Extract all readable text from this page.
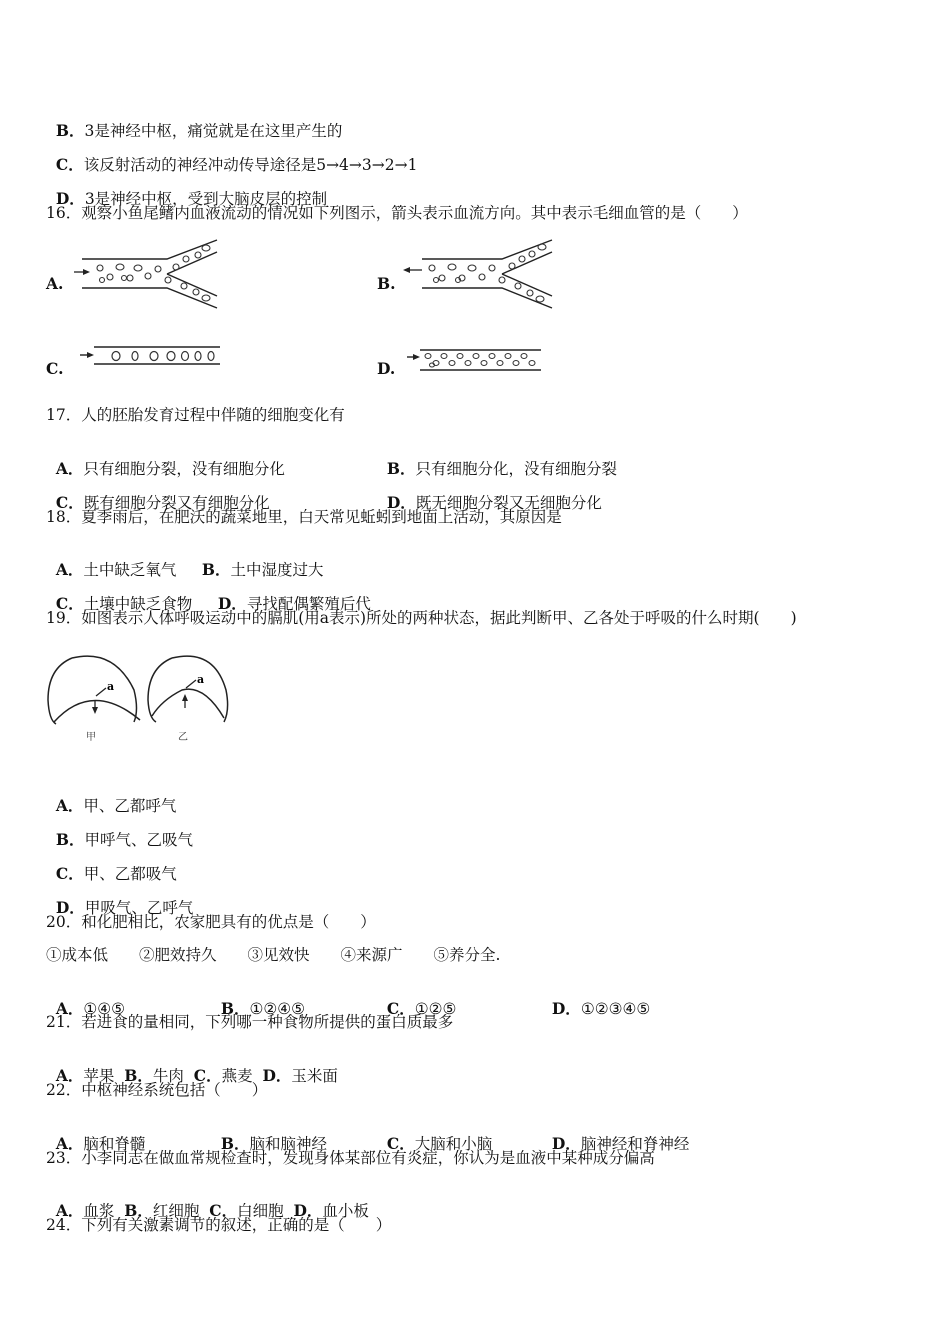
B．3是神经中枢，痛觉就是在这里产生的

C．该反射活动的神经冲动传导途径是5→4→3→2→1

D．3是神经中枢，受到大脑皮层的控制

16．观察小鱼尾鳍内血液流动的情况如下列图示，箭头表示血流方向。其中表示毛细血管的是（　　）
A.	B.
C.	D.
17．人的胚胎发育过程中伴随的细胞变化有

A．只有细胞分裂，没有细胞分化	B．只有细胞分化，没有细胞分裂

C．既有细胞分裂又有细胞分化	D．既无细胞分裂又无细胞分化

18．夏季雨后，在肥沃的蔬菜地里，白天常见蚯蚓到地面上活动，其原因是

A．土中缺乏氧气	B．土中湿度过大

C．土壤中缺乏食物	D．寻找配偶繁殖后代

19．如图表示人体呼吸运动中的膈肌(用a表示)所处的两种状态，据此判断甲、乙各处于呼吸的什么时期(　　)
a
a
甲	乙

A．甲、乙都呼气

B．甲呼气、乙吸气

C．甲、乙都吸气

D．甲吸气、乙呼气

20．和化肥相比，农家肥具有的优点是（　　）
①成本低　　②肥效持久　　③见效快　　④来源广　　⑤养分全.

A．①④⑤	B．①②④⑤	C．①②⑤	D．①②③④⑤

21．若进食的量相同，下列哪一种食物所提供的蛋白质最多

A．苹果 B．牛肉 C．燕麦 D．玉米面

22．中枢神经系统包括（　　）

A．脑和脊髓	B．脑和脑神经	C．大脑和小脑	D．脑神经和脊神经

23．小李同志在做血常规检查时，发现身体某部位有炎症，你认为是血液中某种成分偏高

A．血浆 B．红细胞 C．白细胞 D．血小板

24．下列有关激素调节的叙述，正确的是（　　）
